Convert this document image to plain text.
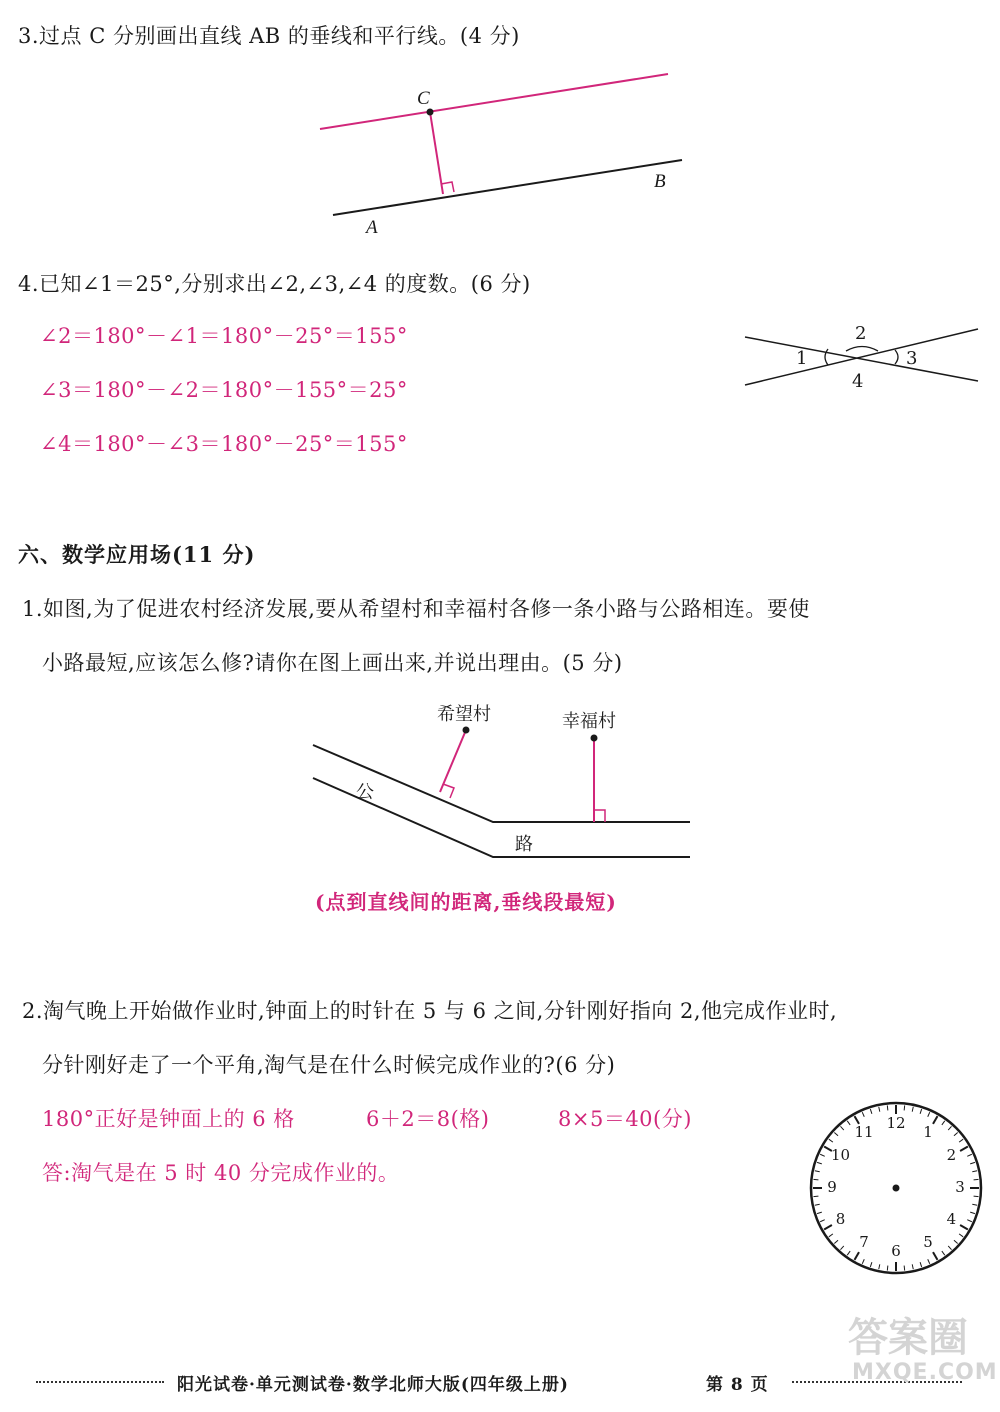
3.过点 C 分别画出直线 AB 的垂线和平行线。(4 分)
C
A
B
4.已知∠1＝25°,分别求出∠2,∠3,∠4 的度数。(6 分)
∠2＝180°－∠1＝180°－25°＝155°
∠3＝180°－∠2＝180°－155°＝25°
∠4＝180°－∠3＝180°－25°＝155°
1
2
3
4
六、数学应用场(11 分)
1.如图,为了促进农村经济发展,要从希望村和幸福村各修一条小路与公路相连。要使
小路最短,应该怎么修?请你在图上画出来,并说出理由。(5 分)
希望村	幸福村
公
路
(点到直线间的距离,垂线段最短)
2.淘气晚上开始做作业时,钟面上的时针在 5 与 6 之间,分针刚好指向 2,他完成作业时,
分针刚好走了一个平角,淘气是在什么时候完成作业的?(6 分)
180°正好是钟面上的 6 格	6＋2＝8(格)	8×5＝40(分)
答:淘气是在 5 时 40 分完成作业的。
12	1
2
3
4
5
6
7
8
9
10
11
阳光试卷·单元测试卷·数学北师大版(四年级上册)	第 8 页
答案圈
MXQE.COM
